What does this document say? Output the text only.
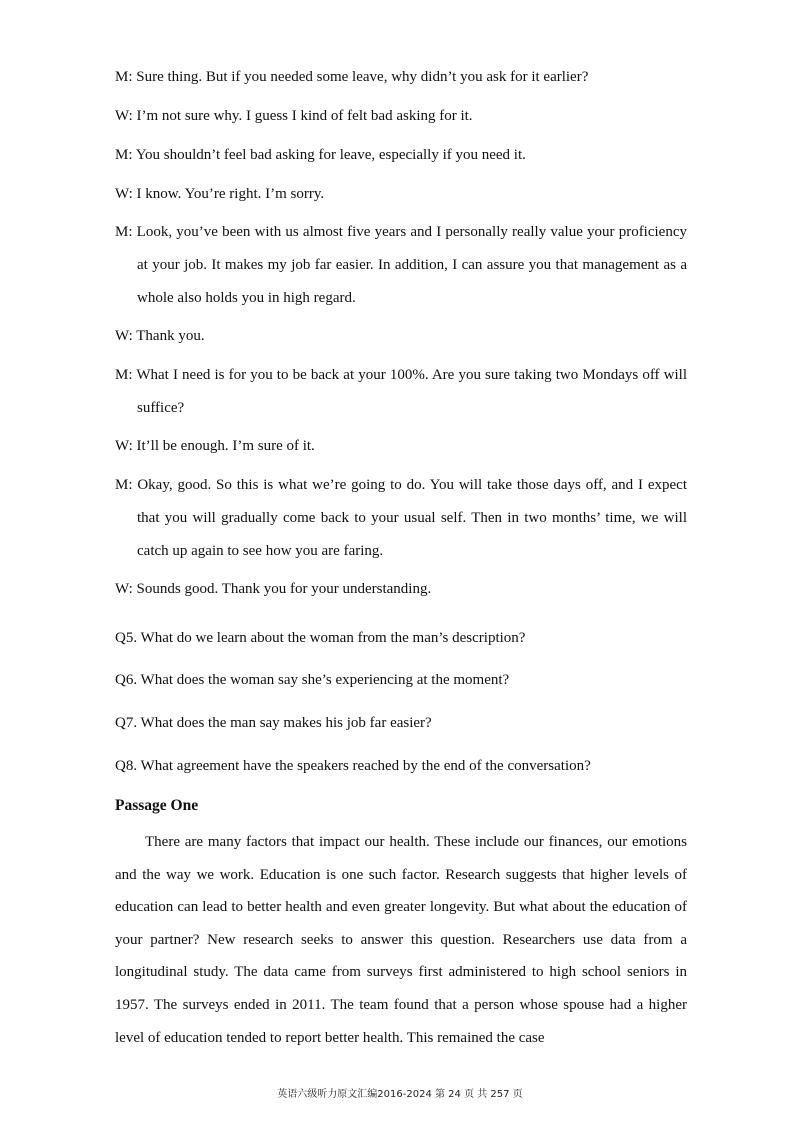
M: Sure thing. But if you needed some leave, why didn’t you ask for it earlier?

W: I’m not sure why. I guess I kind of felt bad asking for it.

M: You shouldn’t feel bad asking for leave, especially if you need it.

W: I know. You’re right. I’m sorry.

M: Look, you’ve been with us almost five years and I personally really value your proficiency at your job. It makes my job far easier. In addition, I can assure you that management as a whole also holds you in high regard.

W: Thank you.

M: What I need is for you to be back at your 100%. Are you sure taking two Mondays off will suffice?

W: It’ll be enough. I’m sure of it.

M: Okay, good. So this is what we’re going to do. You will take those days off, and I expect that you will gradually come back to your usual self. Then in two months’ time, we will catch up again to see how you are faring.

W: Sounds good. Thank you for your understanding.

Q5. What do we learn about the woman from the man’s description?

Q6. What does the woman say she’s experiencing at the moment?

Q7. What does the man say makes his job far easier?

Q8. What agreement have the speakers reached by the end of the conversation?

Passage One

There are many factors that impact our health. These include our finances, our emotions and the way we work. Education is one such factor. Research suggests that higher levels of education can lead to better health and even greater longevity. But what about the education of your partner? New research seeks to answer this question. Researchers use data from a longitudinal study. The data came from surveys first administered to high school seniors in 1957. The surveys ended in 2011. The team found that a person whose spouse had a higher level of education tended to report better health. This remained the case

英语六级听力原文汇编2016-2024 第 24 页 共 257 页
